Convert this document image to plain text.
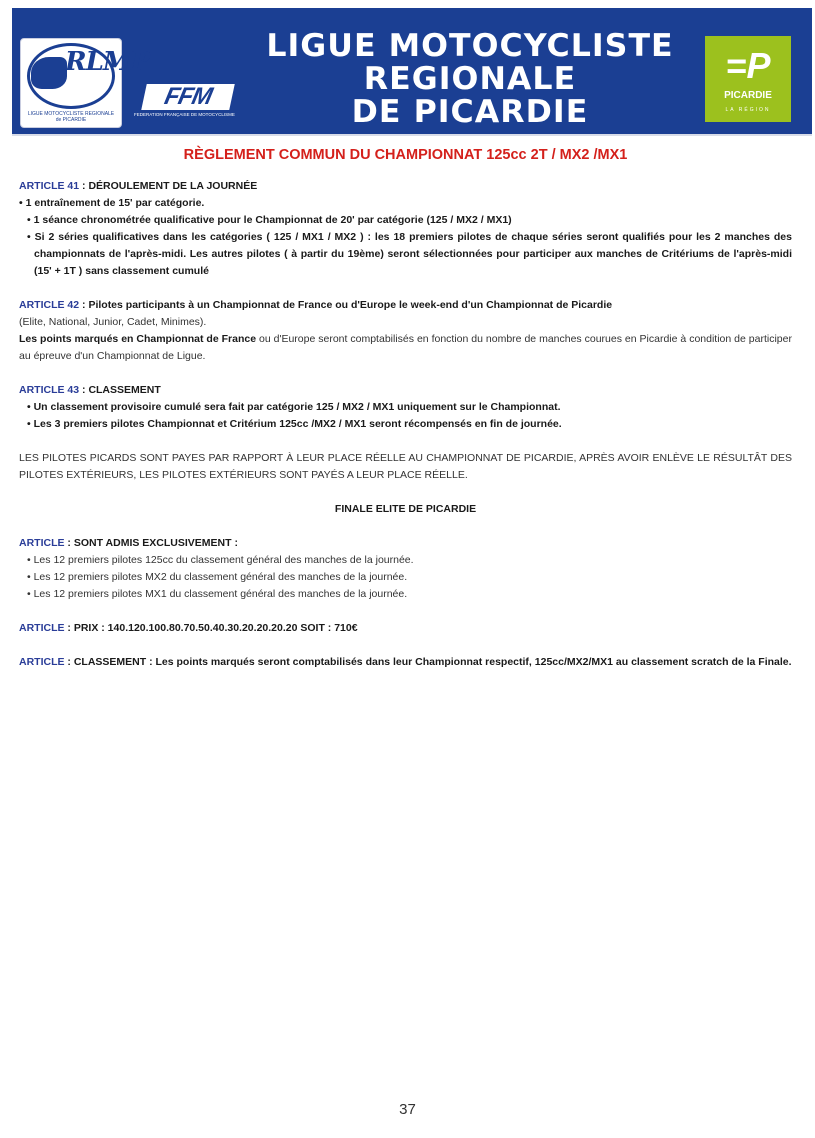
RLMP
LIGUE MOTOCYCLISTE REGIONALE de PICARDIE
FFM
FEDERATION FRANÇAISE DE MOTOCYCLISME
LIGUE MOTOCYCLISTE REGIONALE
DE PICARDIE
=P
PICARDIE
LA RÉGION
RÈGLEMENT COMMUN DU CHAMPIONNAT 125cc 2T / MX2 /MX1

ARTICLE 41 : DÉROULEMENT DE LA JOURNÉE

• 1 entraînement de 15' par catégorie.

• 1 séance chronométrée qualificative pour le Championnat de 20' par catégorie (125 / MX2 / MX1)

• Si 2 séries qualificatives dans les catégories ( 125 / MX1 / MX2 ) : les 18 premiers pilotes de chaque séries seront qualifiés pour les 2 manches des championnats de l'après-midi. Les autres pilotes ( à partir du 19ème) seront sélectionnées pour participer aux manches de Critériums de l'après-midi (15' + 1T ) sans classement cumulé

ARTICLE 42 : Pilotes participants à un Championnat de France ou d'Europe le week-end d'un Championnat de Picardie

(Elite, National, Junior, Cadet, Minimes).

Les points marqués en Championnat de France ou d'Europe seront comptabilisés en fonction du nombre de manches courues en Picardie à condition de participer au épreuve d'un Championnat de Ligue.

ARTICLE 43 : CLASSEMENT

• Un classement provisoire cumulé sera fait par catégorie 125 / MX2 / MX1 uniquement sur le Championnat.

• Les 3 premiers pilotes Championnat et Critérium 125cc /MX2 / MX1 seront récompensés en fin de journée.

LES PILOTES PICARDS SONT PAYES PAR RAPPORT À LEUR PLACE RÉELLE AU CHAMPIONNAT DE PICARDIE, APRÈS AVOIR ENLÈVE LE RÉSULTÂT DES PILOTES EXTÉRIEURS, LES PILOTES EXTÉRIEURS SONT PAYÉS A LEUR PLACE RÉELLE.

FINALE ELITE DE PICARDIE

ARTICLE : SONT ADMIS EXCLUSIVEMENT :

• Les 12 premiers pilotes 125cc du classement général des manches de la journée.

• Les 12 premiers pilotes MX2 du classement général des manches de la journée.

• Les 12 premiers pilotes MX1 du classement général des manches de la journée.

ARTICLE : PRIX : 140.120.100.80.70.50.40.30.20.20.20.20 SOIT : 710€

ARTICLE : CLASSEMENT : Les points marqués seront comptabilisés dans leur Championnat respectif, 125cc/MX2/MX1 au classement scratch de la Finale.

37
